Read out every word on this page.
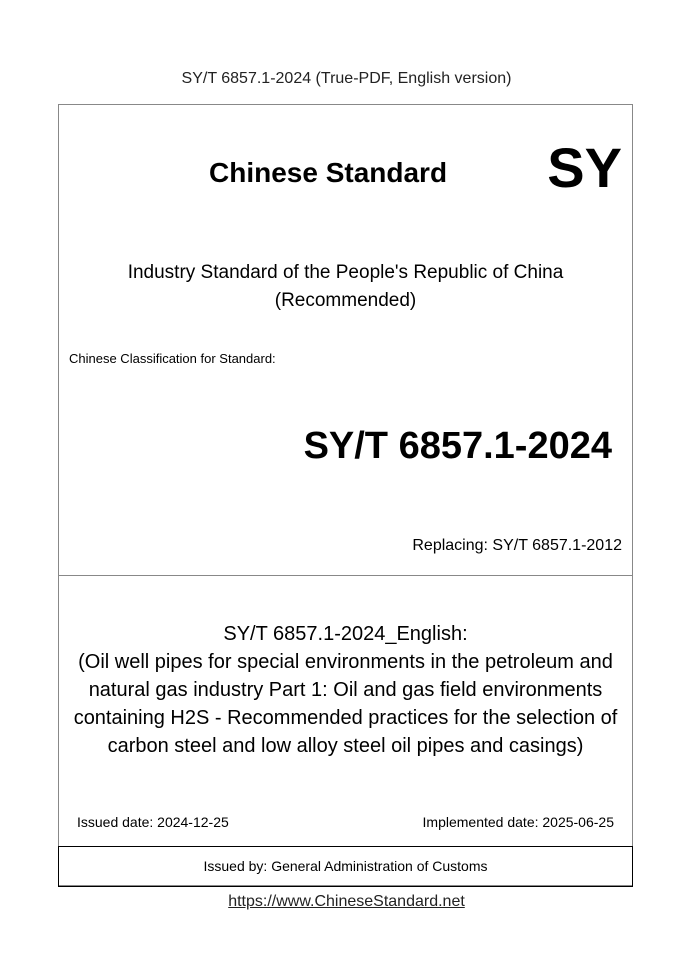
SY/T 6857.1-2024 (True-PDF, English version)
Chinese Standard SY
Industry Standard of the People's Republic of China
(Recommended)
Chinese Classification for Standard:
SY/T 6857.1-2024
Replacing: SY/T 6857.1-2012
SY/T 6857.1-2024_English:
(Oil well pipes for special environments in the petroleum and natural gas industry Part 1: Oil and gas field environments containing H2S - Recommended practices for the selection of carbon steel and low alloy steel oil pipes and casings)
Issued date: 2024-12-25	Implemented date: 2025-06-25
Issued by: General Administration of Customs
https://www.ChineseStandard.net
